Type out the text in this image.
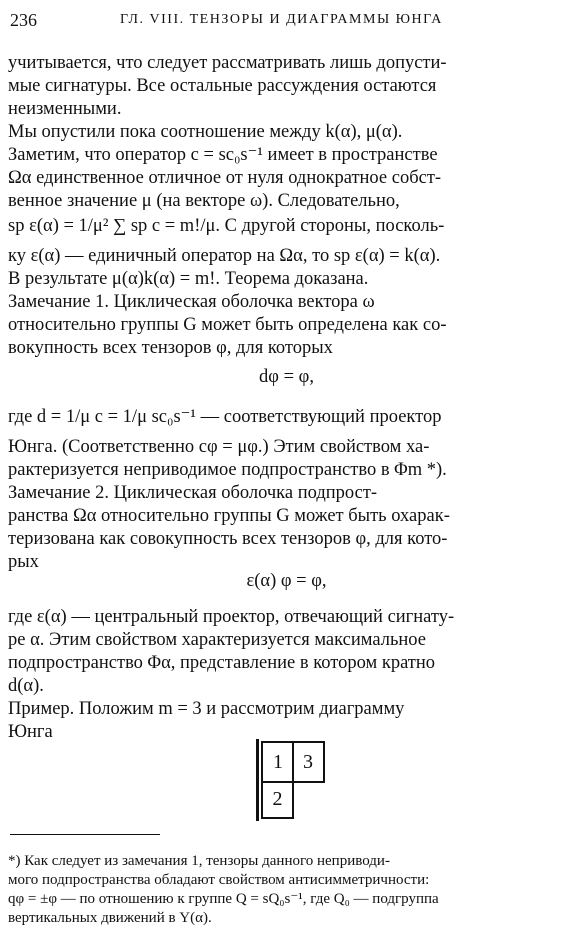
236	ГЛ. VIII. ТЕНЗОРЫ И ДИАГРАММЫ ЮНГА
учитывается, что следует рассматривать лишь допусти-
мые сигнатуры. Все остальные рассуждения остаются
неизменными.
Мы опустили пока соотношение между k(α), μ(α).
Заметим, что оператор c = sc₀s⁻¹ имеет в пространстве
Ωα единственное отличное от нуля однократное собст-
венное значение μ (на векторе ω). Следовательно,
sp ε(α) = 1/μ² ∑ sp c = m!/μ. С другой стороны, посколь-
ку ε(α) — единичный оператор на Ωα, то sp ε(α) = k(α).
В результате μ(α)k(α) = m!. Теорема доказана.
Замечание 1. Циклическая оболочка вектора ω
относительно группы G может быть определена как со-
вокупность всех тензоров φ, для которых
dφ = φ,
где d = 1/μ c = 1/μ sc₀s⁻¹ — соответствующий проектор
Юнга. (Соответственно cφ = μφ.) Этим свойством ха-
рактеризуется неприводимое подпространство в Φm *).
Замечание 2. Циклическая оболочка подпрост-
ранства Ωα относительно группы G может быть охарак-
теризована как совокупность всех тензоров φ, для кото-
рых
ε(α) φ = φ,
где ε(α) — центральный проектор, отвечающий сигнату-
ре α. Этим свойством характеризуется максимальное
подпространство Φα, представление в котором кратно
d(α).
Пример. Положим m = 3 и рассмотрим диаграмму
Юнга
1	3
2
*) Как следует из замечания 1, тензоры данного неприводи-
мого подпространства обладают свойством антисимметричности:
qφ = ±φ — по отношению к группе Q = sQ₀s⁻¹, где Q₀ — подгруппа
вертикальных движений в Y(α).
